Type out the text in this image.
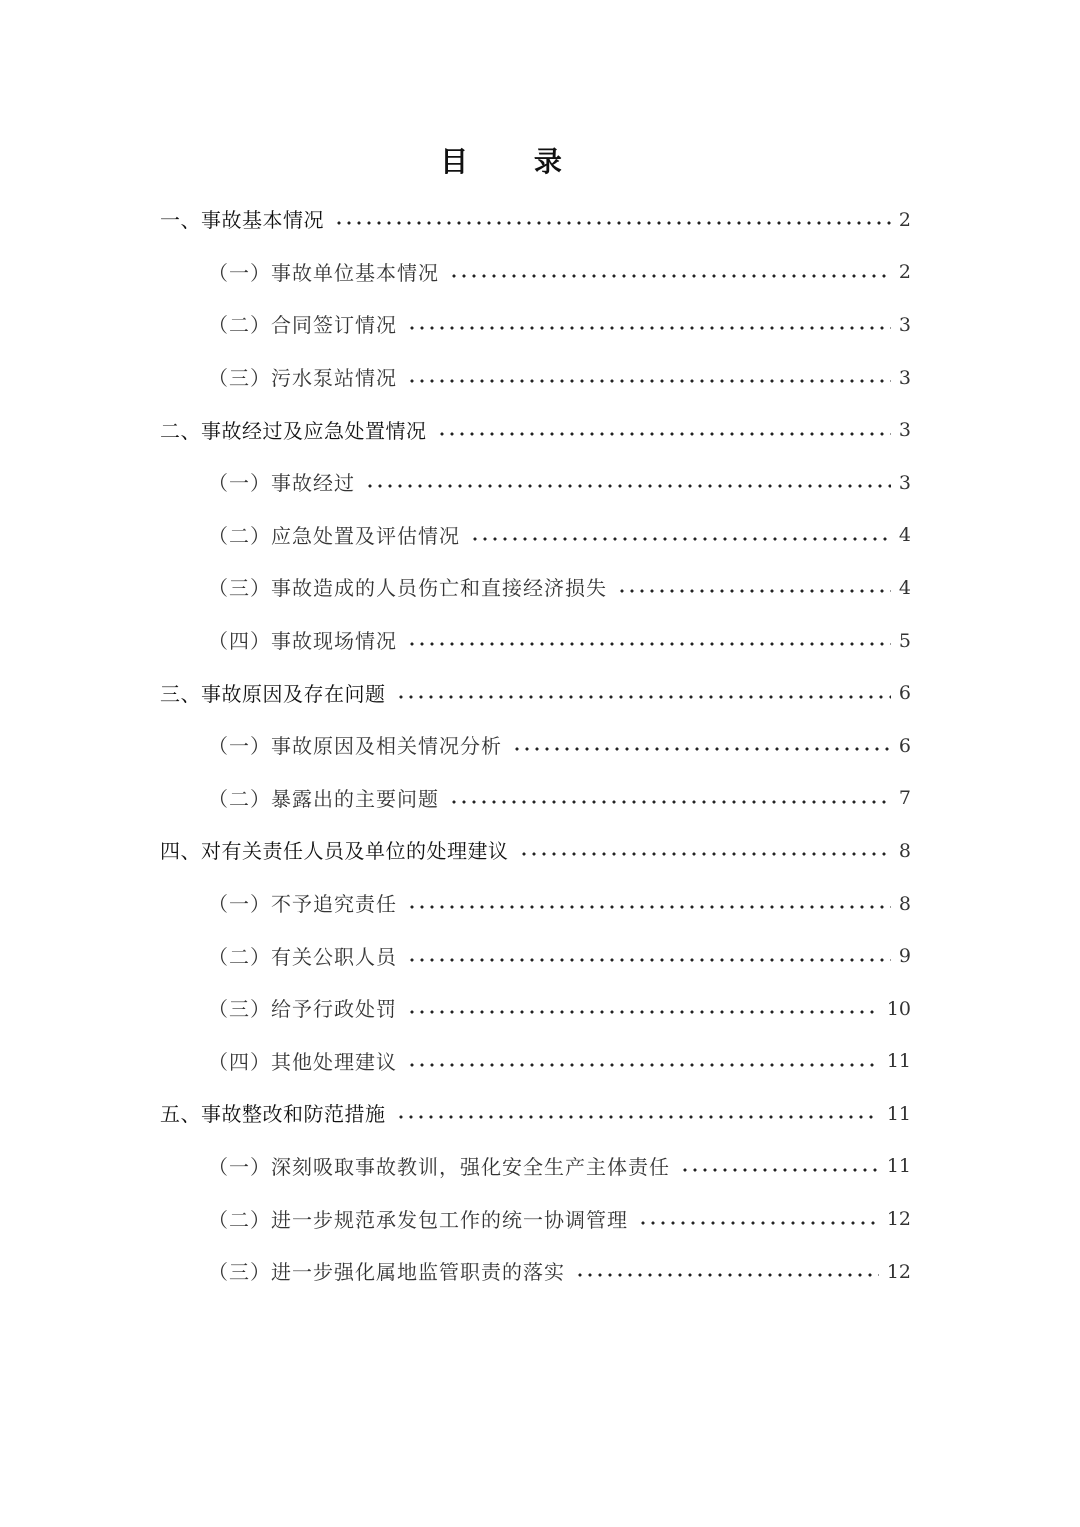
目 录
一、事故基本情况	2
（一）事故单位基本情况	2
（二）合同签订情况	3
（三）污水泵站情况	3
二、事故经过及应急处置情况	3
（一）事故经过	3
（二）应急处置及评估情况	4
（三）事故造成的人员伤亡和直接经济损失	4
（四）事故现场情况	5
三、事故原因及存在问题	6
（一）事故原因及相关情况分析	6
（二）暴露出的主要问题	7
四、对有关责任人员及单位的处理建议	8
（一）不予追究责任	8
（二）有关公职人员	9
（三）给予行政处罚	10
（四）其他处理建议	11
五、事故整改和防范措施	11
（一）深刻吸取事故教训，强化安全生产主体责任	11
（二）进一步规范承发包工作的统一协调管理	12
（三）进一步强化属地监管职责的落实	12
